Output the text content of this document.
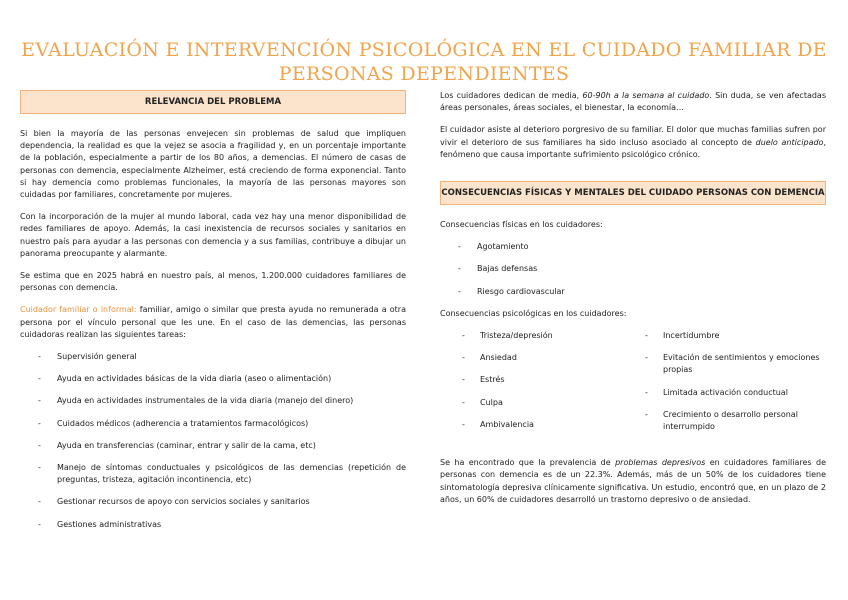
EVALUACIÓN E INTERVENCIÓN PSICOLÓGICA EN EL CUIDADO FAMILIAR DE PERSONAS DEPENDIENTES
RELEVANCIA DEL PROBLEMA

Si bien la mayoría de las personas envejecen sin problemas de salud que impliquen dependencia, la realidad es que la vejez se asocia a fragilidad y, en un porcentaje importante de la población, especialmente a partir de los 80 años, a demencias. El número de casas de personas con demencia, especialmente Alzheimer, está creciendo de forma exponencial. Tanto si hay demencia como problemas funcionales, la mayoría de las personas mayores son cuidadas por familiares, concretamente por mujeres.

Con la incorporación de la mujer al mundo laboral, cada vez hay una menor disponibilidad de redes familiares de apoyo. Además, la casi inexistencia de recursos sociales y sanitarios en nuestro país para ayudar a las personas con demencia y a sus familias, contribuye a dibujar un panorama preocupante y alarmante.

Se estima que en 2025 habrá en nuestro país, al menos, 1.200.000 cuidadores familiares de personas con demencia.

Cuidador familiar o informal: familiar, amigo o similar que presta ayuda no remunerada a otra persona por el vínculo personal que les une. En el caso de las demencias, las personas cuidadoras realizan las siguientes tareas:

- Supervisión general
- Ayuda en actividades básicas de la vida diaria (aseo o alimentación)
- Ayuda en actividades instrumentales de la vida diaria (manejo del dinero)
- Cuidados médicos (adherencia a tratamientos farmacológicos)
- Ayuda en transferencias (caminar, entrar y salir de la cama, etc)
- Manejo de síntomas conductuales y psicológicos de las demencias (repetición de preguntas, tristeza, agitación incontinencia, etc)
- Gestionar recursos de apoyo con servicios sociales y sanitarios
- Gestiones administrativas

Los cuidadores dedican de media, 60-90h a la semana al cuidado. Sin duda, se ven afectadas áreas personales, áreas sociales, el bienestar, la economía…

El cuidador asiste al deterioro porgresivo de su familiar. El dolor que muchas familias sufren por vivir el deterioro de sus familiares ha sido incluso asociado al concepto de duelo anticipado, fenómeno que causa importante sufrimiento psicológico crónico.

CONSECUENCIAS FÍSICAS Y MENTALES DEL CUIDADO PERSONAS CON DEMENCIA
Consecuencias físicas en los cuidadores:
- Agotamiento
- Bajas defensas
- Riesgo cardiovascular
Consecuencias psicológicas en los cuidadores:
- Tristeza/depresión
- Ansiedad
- Estrés
- Culpa
- Ambivalencia
- Incertidumbre
- Evitación de sentimientos y emociones propias
- Limitada activación conductual
- Crecimiento o desarrollo personal interrumpido

Se ha encontrado que la prevalencia de problemas depresivos en cuidadores familiares de personas con demencia es de un 22.3%. Además, más de un 50% de los cuidadores tiene sintomatología depresiva clínicamente significativa. Un estudio, encontró que, en un plazo de 2 años, un 60% de cuidadores desarrolló un trastorno depresivo o de ansiedad.
